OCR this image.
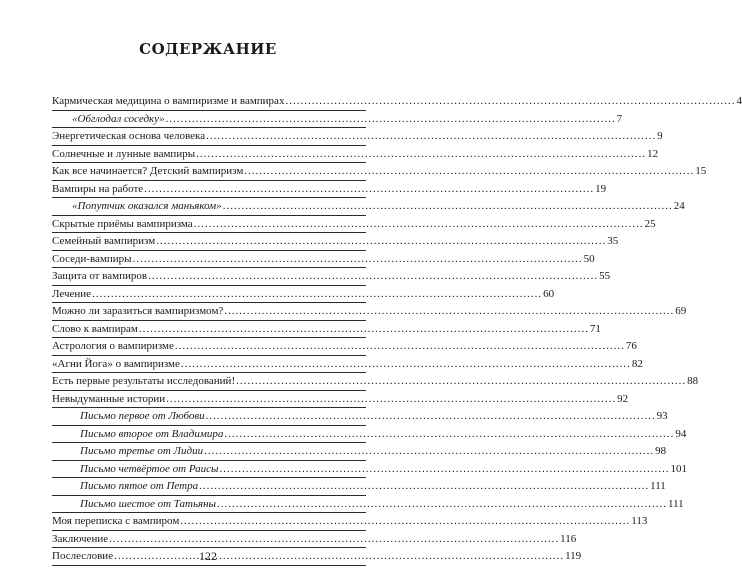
СОДЕРЖАНИЕ
Кармическая медицина о вампиризме и вампирах .....	4
«Обглодал соседку» .....	7
Энергетическая основа человека .....	9
Солнечные и лунные вампиры .....	12
Как все начинается? Детский вампиризм .....	15
Вампиры на работе .....	19
«Попутчик оказался маньяком» .....	24
Скрытые приёмы вампиризма .....	25
Семейный вампиризм .....	35
Соседи-вампиры .....	50
Защита от вампиров .....	55
Лечение .....	60
Можно ли заразиться вампиризмом? .....	69
Слово к вампирам .....	71
Астрология о вампиризме .....	76
«Агни Йога» о вампиризме .....	82
Есть первые результаты исследований! .....	88
Невыдуманные истории .....	92
Письмо первое от Любови .....	93
Письмо второе от Владимира .....	94
Письмо третье от Лидии .....	98
Письмо четвёртое от Раисы .....	101
Письмо пятое от Петра .....	111
Письмо шестое от Татьяны .....	111
Моя переписка с вампиром .....	113
Заключение .....	116
Послесловие .....	119
122
